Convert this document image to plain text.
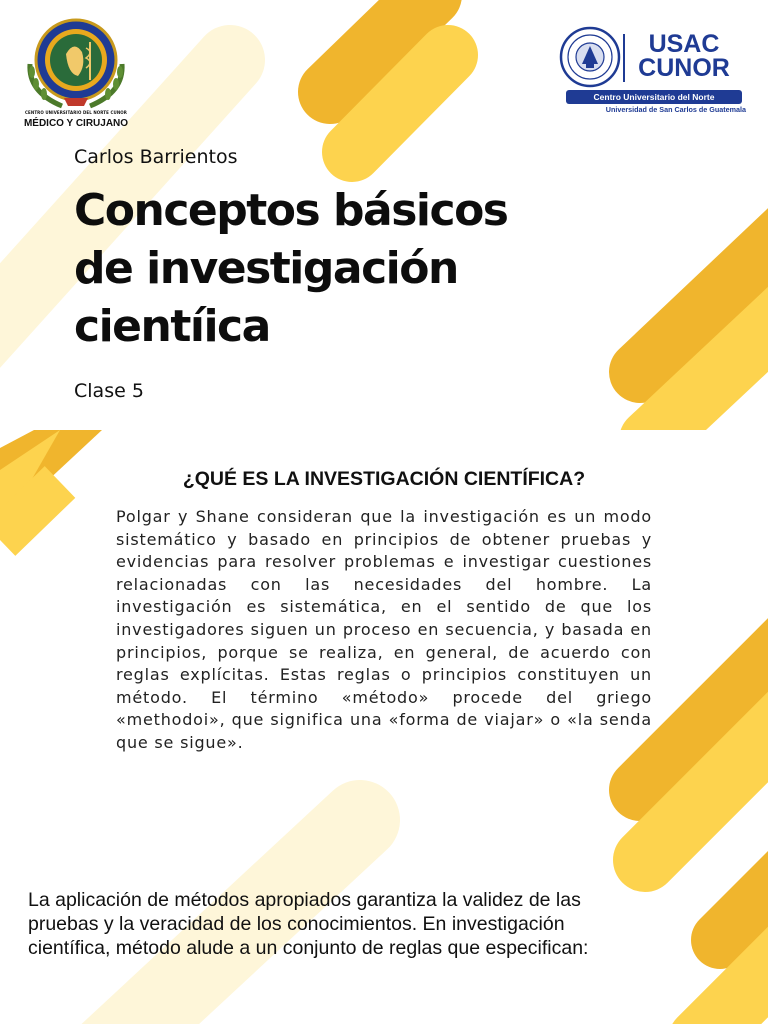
CENTRO UNIVERSITARIO DEL NORTE CUNOR
MÉDICO Y CIRUJANO
USAC
CUNOR
Centro Universitario del Norte
Universidad de San Carlos de Guatemala
Carlos Barrientos
Conceptos básicos
de investigación
cientíica
Clase 5
¿QUÉ ES LA INVESTIGACIÓN CIENTÍFICA?
Polgar y Shane consideran que la investigación es un modo sistemático y basado en principios de obtener pruebas y evidencias para resolver problemas e investigar cuestiones relacionadas con las necesidades del hombre. La investigación es sistemática, en el sentido de que los investigadores siguen un proceso en secuencia, y basada en principios, porque se realiza, en general, de acuerdo con reglas explícitas. Estas reglas o principios constituyen un método. El término «método» procede del griego «methodoi», que significa una «forma de viajar» o «la senda que se sigue».
La aplicación de métodos apropiados garantiza la validez de las pruebas y la veracidad de los conocimientos. En investigación científica, método alude a un conjunto de reglas que especifican:
